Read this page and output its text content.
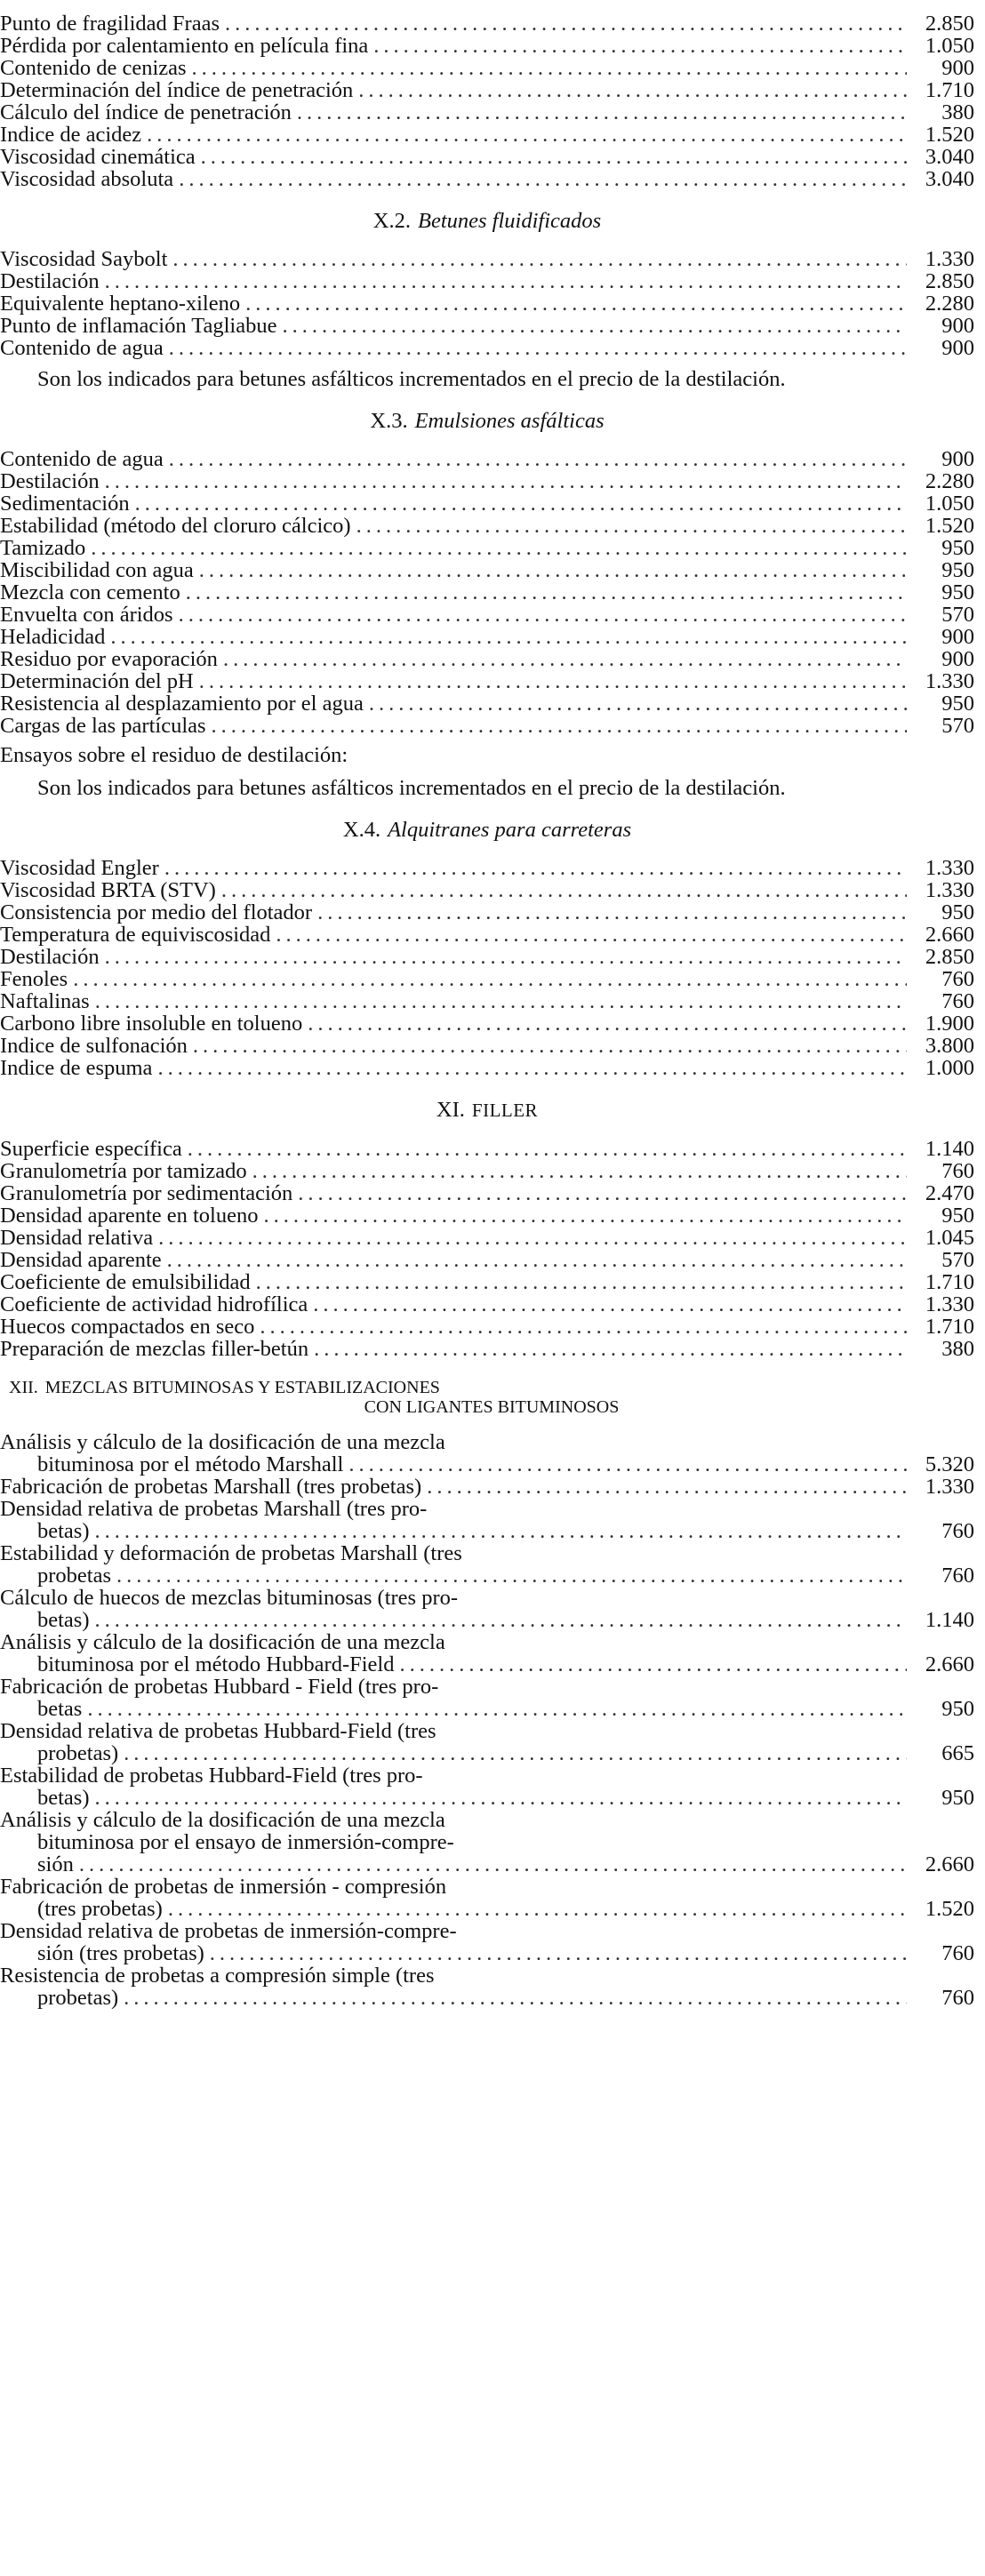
Punto de fragilidad Fraas .....	2.850
Pérdida por calentamiento en película fina .....	1.050
Contenido de cenizas .....	900
Determinación del índice de penetración .....	1.710
Cálculo del índice de penetración .....	380
Indice de acidez .....	1.520
Viscosidad cinemática .....	3.040
Viscosidad absoluta .....	3.040
X.2. Betunes fluidificados
Viscosidad Saybolt .....	1.330
Destilación .....	2.850
Equivalente heptano-xileno .....	2.280
Punto de inflamación Tagliabue .....	900
Contenido de agua .....	900

Son los indicados para betunes asfálticos incrementados en el precio de la destilación.

X.3. Emulsiones asfálticas
Contenido de agua .....	900
Destilación .....	2.280
Sedimentación .....	1.050
Estabilidad (método del cloruro cálcico) .....	1.520
Tamizado .....	950
Miscibilidad con agua .....	950
Mezcla con cemento .....	950
Envuelta con áridos .....	570
Heladicidad .....	900
Residuo por evaporación .....	900
Determinación del pH .....	1.330
Resistencia al desplazamiento por el agua .....	950
Cargas de las partículas .....	570

Ensayos sobre el residuo de destilación:

Son los indicados para betunes asfálticos incrementados en el precio de la destilación.

X.4. Alquitranes para carreteras
Viscosidad Engler .....	1.330
Viscosidad BRTA (STV) .....	1.330
Consistencia por medio del flotador .....	950
Temperatura de equiviscosidad .....	2.660
Destilación .....	2.850
Fenoles .....	760
Naftalinas .....	760
Carbono libre insoluble en tolueno .....	1.900
Indice de sulfonación .....	3.800
Indice de espuma .....	1.000
XI. FILLER
Superficie específica .....	1.140
Granulometría por tamizado .....	760
Granulometría por sedimentación .....	2.470
Densidad aparente en tolueno .....	950
Densidad relativa .....	1.045
Densidad aparente .....	570
Coeficiente de emulsibilidad .....	1.710
Coeficiente de actividad hidrofílica .....	1.330
Huecos compactados en seco .....	1.710
Preparación de mezclas filler-betún .....	380
XII. MEZCLAS BITUMINOSAS Y ESTABILIZACIONES
CON LIGANTES BITUMINOSOS
Análisis y cálculo de la dosificación de una mezcla
bituminosa por el método Marshall .....	5.320
Fabricación de probetas Marshall (tres probetas) .....	1.330
Densidad relativa de probetas Marshall (tres pro-
betas) .....	760
Estabilidad y deformación de probetas Marshall (tres
probetas .....	760
Cálculo de huecos de mezclas bituminosas (tres pro-
betas) .....	1.140
Análisis y cálculo de la dosificación de una mezcla
bituminosa por el método Hubbard-Field .....	2.660
Fabricación de probetas Hubbard - Field (tres pro-
betas .....	950
Densidad relativa de probetas Hubbard-Field (tres
probetas) .....	665
Estabilidad de probetas Hubbard-Field (tres pro-
betas) .....	950
Análisis y cálculo de la dosificación de una mezcla
bituminosa por el ensayo de inmersión-compre-
sión .....	2.660
Fabricación de probetas de inmersión - compresión
(tres probetas) .....	1.520
Densidad relativa de probetas de inmersión-compre-
sión (tres probetas) .....	760
Resistencia de probetas a compresión simple (tres
probetas) .....	760
